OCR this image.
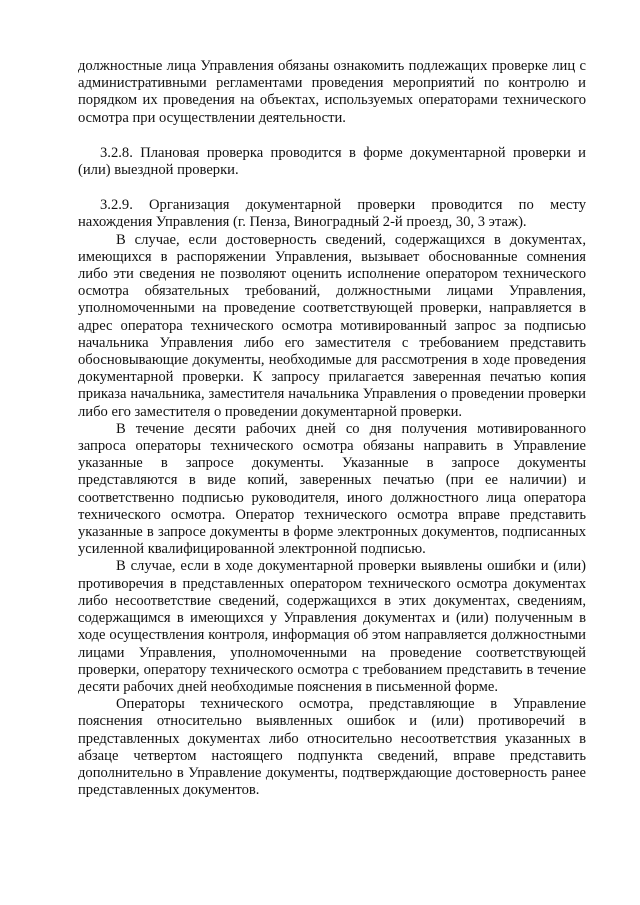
должностные лица Управления обязаны ознакомить подлежащих проверке лиц с административными регламентами проведения мероприятий по контролю и порядком их проведения на объектах, используемых операторами технического осмотра при осуществлении деятельности.

3.2.8. Плановая проверка проводится в форме документарной проверки и (или) выездной проверки.

3.2.9. Организация документарной проверки проводится по месту нахождения Управления (г. Пенза, Виноградный 2-й проезд, 30, 3 этаж).

В случае, если достоверность сведений, содержащихся в документах, имеющихся в распоряжении Управления, вызывает обоснованные сомнения либо эти сведения не позволяют оценить исполнение оператором технического осмотра обязательных требований, должностными лицами Управления, уполномоченными на проведение соответствующей проверки, направляется в адрес оператора технического осмотра мотивированный запрос за подписью начальника Управления либо его заместителя с требованием представить обосновывающие документы, необходимые для рассмотрения в ходе проведения документарной проверки. К запросу прилагается заверенная печатью копия приказа начальника, заместителя начальника Управления о проведении проверки либо его заместителя о проведении документарной проверки.

В течение десяти рабочих дней со дня получения мотивированного запроса операторы технического осмотра обязаны направить в Управление указанные в запросе документы. Указанные в запросе документы представляются в виде копий, заверенных печатью (при ее наличии) и соответственно подписью руководителя, иного должностного лица оператора технического осмотра. Оператор технического осмотра вправе представить указанные в запросе документы в форме электронных документов, подписанных усиленной квалифицированной электронной подписью.

В случае, если в ходе документарной проверки выявлены ошибки и (или) противоречия в представленных оператором технического осмотра документах либо несоответствие сведений, содержащихся в этих документах, сведениям, содержащимся в имеющихся у Управления документах и (или) полученным в ходе осуществления контроля, информация об этом направляется должностными лицами Управления, уполномоченными на проведение соответствующей проверки, оператору технического осмотра с требованием представить в течение десяти рабочих дней необходимые пояснения в письменной форме.

Операторы технического осмотра, представляющие в Управление пояснения относительно выявленных ошибок и (или) противоречий в представленных документах либо относительно несоответствия указанных в абзаце четвертом настоящего подпункта сведений, вправе представить дополнительно в Управление документы, подтверждающие достоверность ранее представленных документов.
